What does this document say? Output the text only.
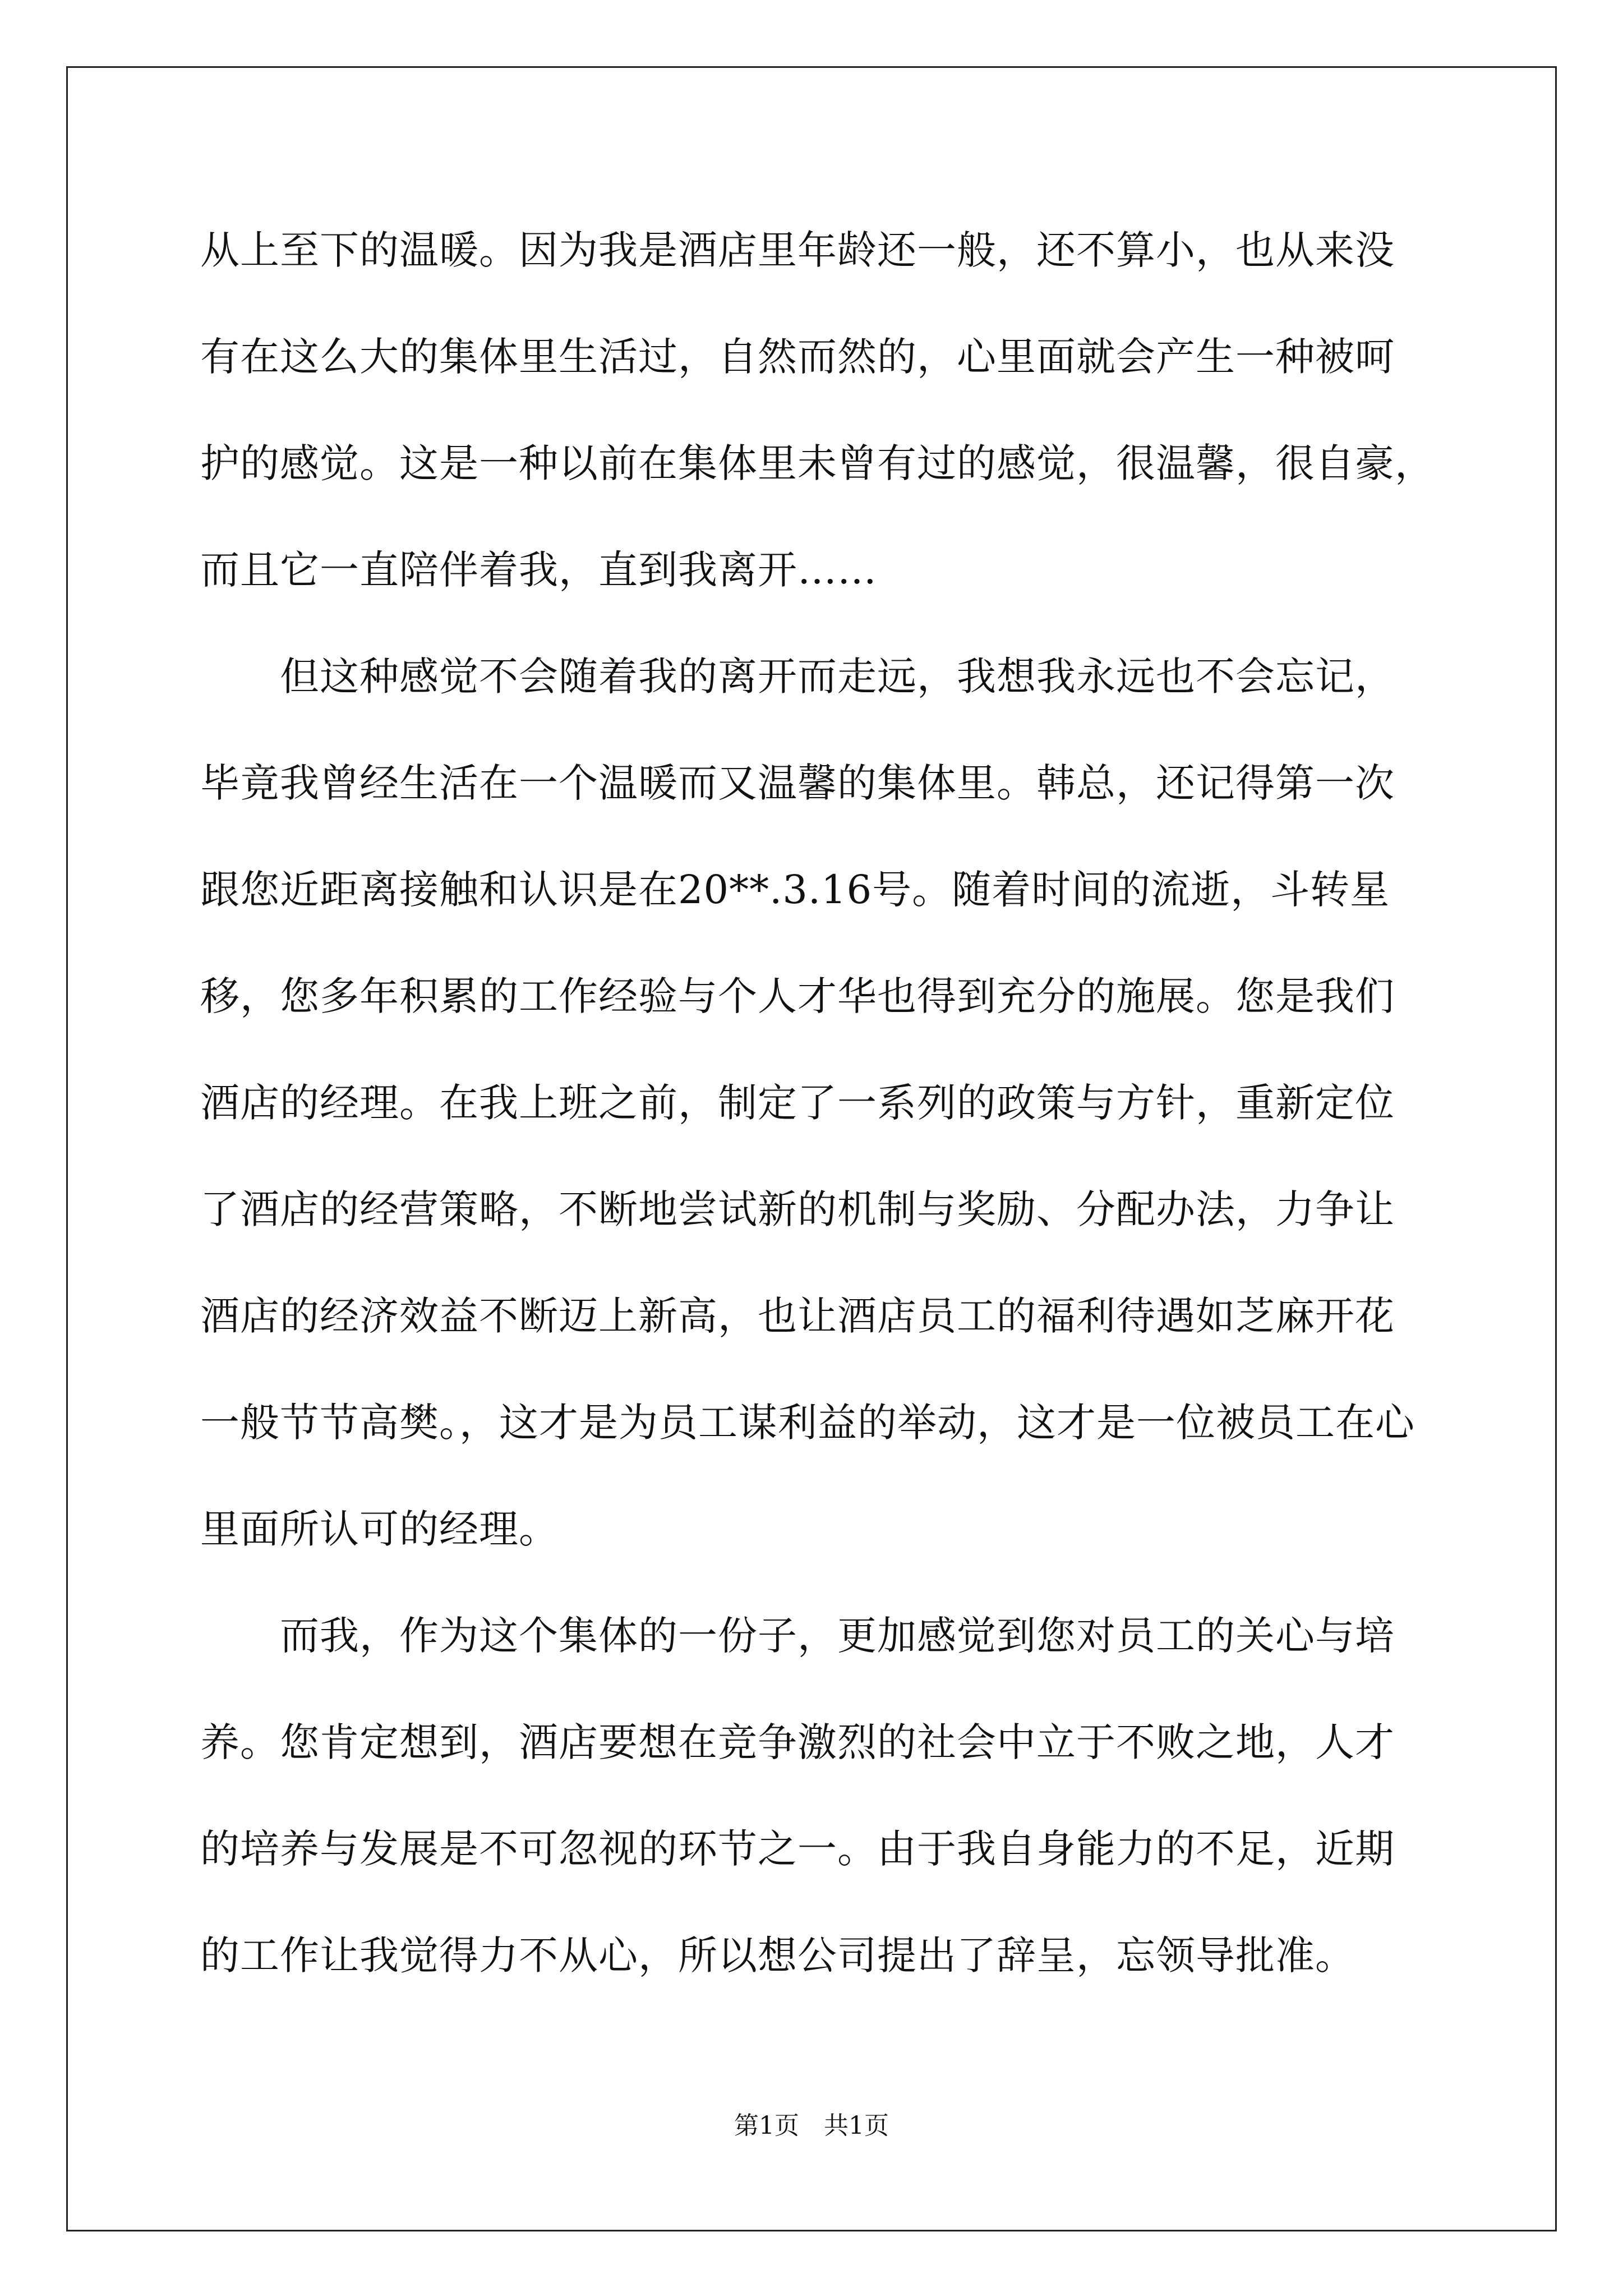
从上至下的温暖。因为我是酒店里年龄还一般，还不算小，也从来没
有在这么大的集体里生活过，自然而然的，心里面就会产生一种被呵
护的感觉。这是一种以前在集体里未曾有过的感觉，很温馨，很自豪，
而且它一直陪伴着我，直到我离开……
　　但这种感觉不会随着我的离开而走远，我想我永远也不会忘记，
毕竟我曾经生活在一个温暖而又温馨的集体里。韩总，还记得第一次
跟您近距离接触和认识是在20**.3.16号。随着时间的流逝，斗转星
移，您多年积累的工作经验与个人才华也得到充分的施展。您是我们
酒店的经理。在我上班之前，制定了一系列的政策与方针，重新定位
了酒店的经营策略，不断地尝试新的机制与奖励、分配办法，力争让
酒店的经济效益不断迈上新高，也让酒店员工的福利待遇如芝麻开花
一般节节高樊。，这才是为员工谋利益的举动，这才是一位被员工在心
里面所认可的经理。
　　而我，作为这个集体的一份子，更加感觉到您对员工的关心与培
养。您肯定想到，酒店要想在竞争激烈的社会中立于不败之地，人才
的培养与发展是不可忽视的环节之一。由于我自身能力的不足，近期
的工作让我觉得力不从心，所以想公司提出了辞呈，忘领导批准。
第1页　共1页
